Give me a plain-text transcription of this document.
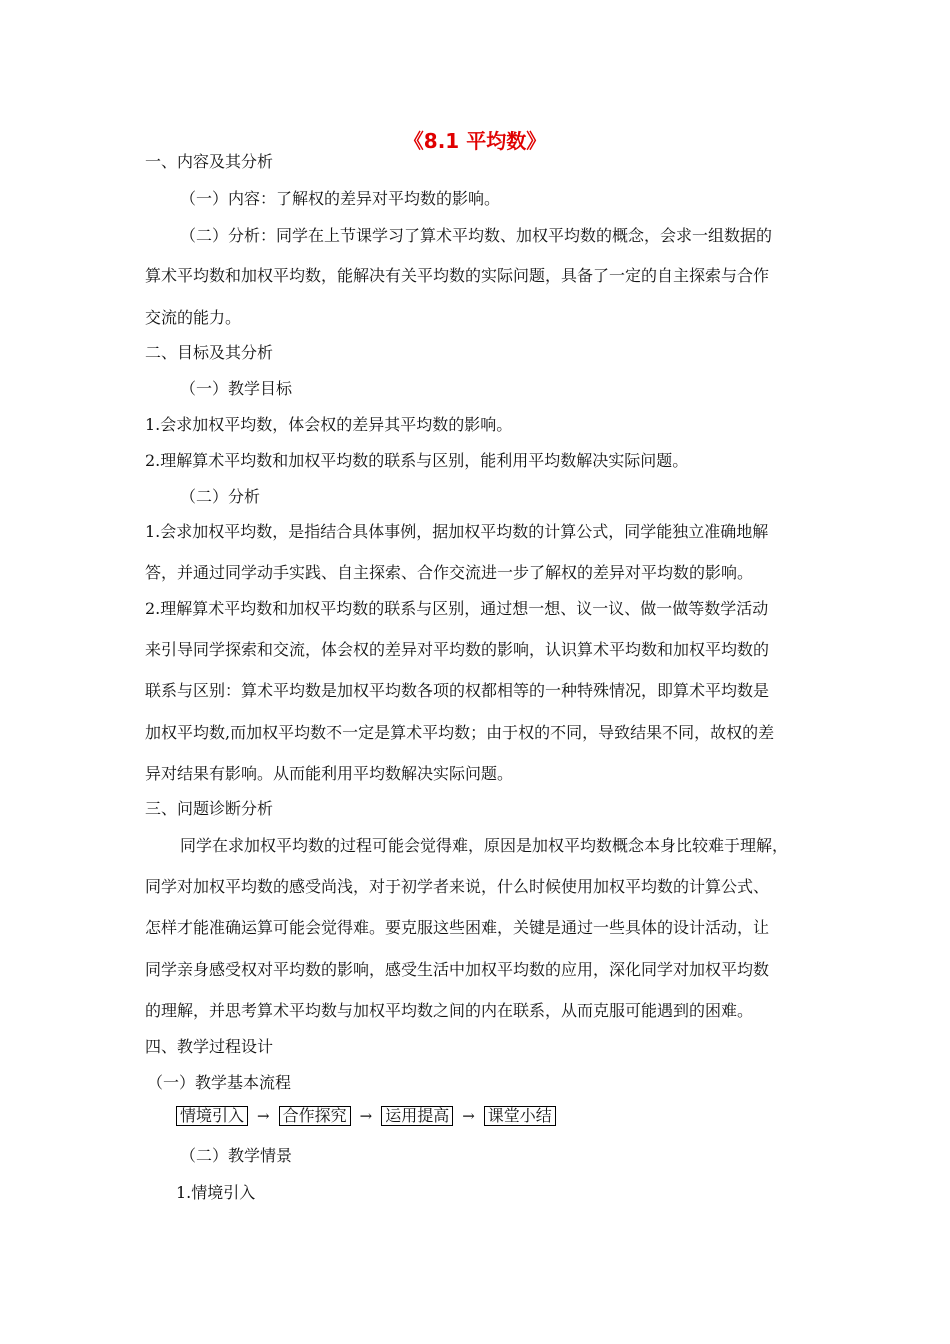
《8.1 平均数》
一、内容及其分析
（一）内容：了解权的差异对平均数的影响。
（二）分析：同学在上节课学习了算术平均数、加权平均数的概念，会求一组数据的
算术平均数和加权平均数，能解决有关平均数的实际问题，具备了一定的自主探索与合作
交流的能力。
二、目标及其分析
（一）教学目标
1.会求加权平均数，体会权的差异其平均数的影响。
2.理解算术平均数和加权平均数的联系与区别，能利用平均数解决实际问题。
（二）分析
1.会求加权平均数，是指结合具体事例，据加权平均数的计算公式，同学能独立准确地解
答，并通过同学动手实践、自主探索、合作交流进一步了解权的差异对平均数的影响。
2.理解算术平均数和加权平均数的联系与区别，通过想一想、议一议、做一做等数学活动
来引导同学探索和交流，体会权的差异对平均数的影响，认识算术平均数和加权平均数的
联系与区别：算术平均数是加权平均数各项的权都相等的一种特殊情况，即算术平均数是
加权平均数,而加权平均数不一定是算术平均数；由于权的不同，导致结果不同，故权的差
异对结果有影响。从而能利用平均数解决实际问题。
三、问题诊断分析
同学在求加权平均数的过程可能会觉得难，原因是加权平均数概念本身比较难于理解，
同学对加权平均数的感受尚浅，对于初学者来说，什么时候使用加权平均数的计算公式、
怎样才能准确运算可能会觉得难。要克服这些困难，关键是通过一些具体的设计活动，让
同学亲身感受权对平均数的影响，感受生活中加权平均数的应用，深化同学对加权平均数
的理解，并思考算术平均数与加权平均数之间的内在联系，从而克服可能遇到的困难。
四、教学过程设计
（一）教学基本流程
情境引入 → 合作探究 → 运用提高 → 课堂小结
（二）教学情景
1.情境引入
